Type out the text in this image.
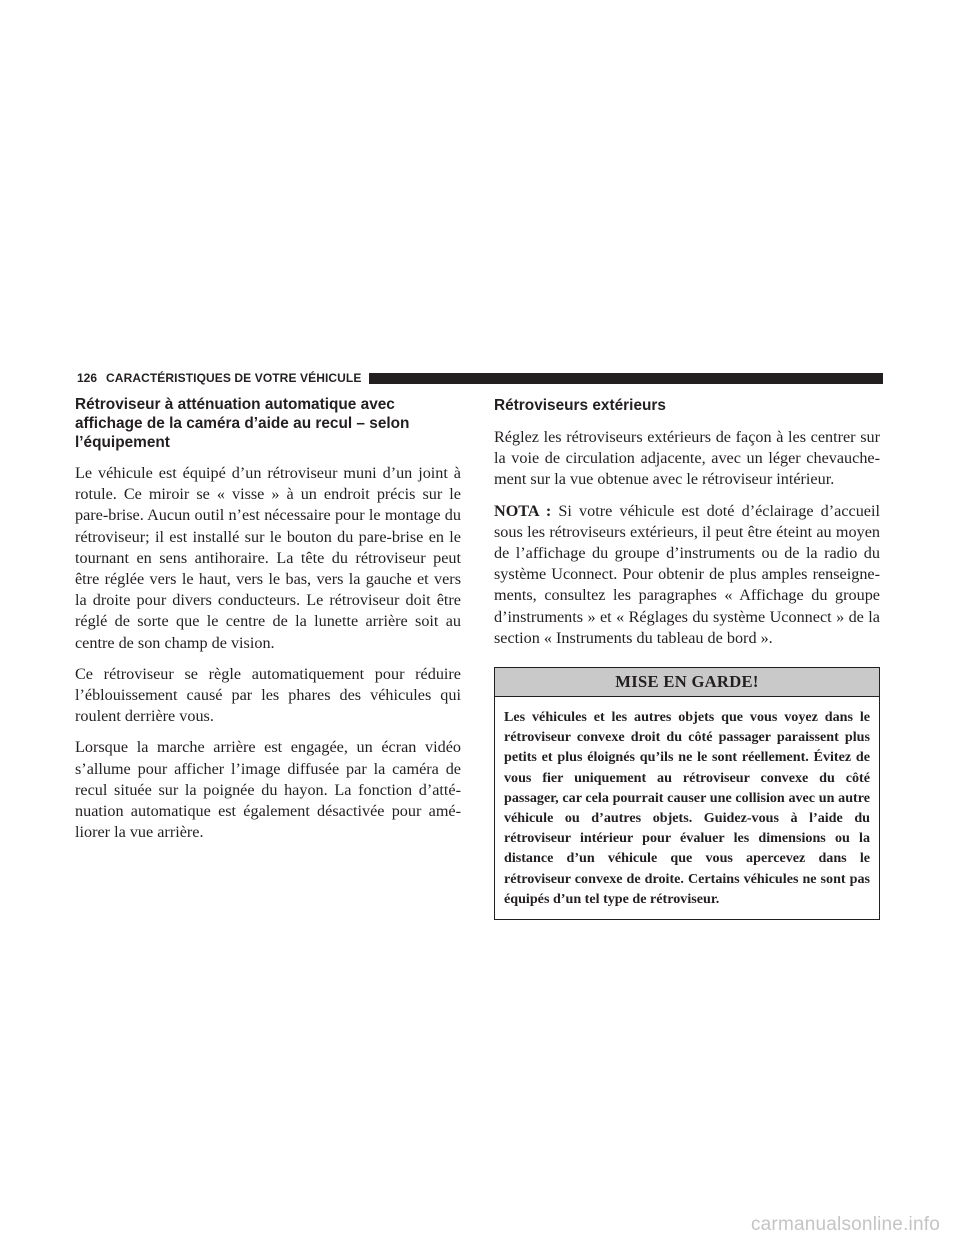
126 CARACTÉRISTIQUES DE VOTRE VÉHICULE
Rétroviseur à atténuation automatique avec affichage de la caméra d’aide au recul – selon l’équipement

Le véhicule est équipé d’un rétroviseur muni d’un joint à rotule. Ce miroir se « visse » à un endroit précis sur le pare-brise. Aucun outil n’est nécessaire pour le montage du rétroviseur; il est installé sur le bouton du pare-brise en le tournant en sens antihoraire. La tête du rétroviseur peut être réglée vers le haut, vers le bas, vers la gauche et vers la droite pour divers conducteurs. Le rétroviseur doit être réglé de sorte que le centre de la lunette arrière soit au centre de son champ de vision.

Ce rétroviseur se règle automatiquement pour réduire l’éblouissement causé par les phares des véhicules qui roulent derrière vous.

Lorsque la marche arrière est engagée, un écran vidéo s’allume pour afficher l’image diffusée par la caméra de recul située sur la poignée du hayon. La fonction d’atténuation automatique est également désactivée pour améliorer la vue arrière.

Rétroviseurs extérieurs

Réglez les rétroviseurs extérieurs de façon à les centrer sur la voie de circulation adjacente, avec un léger chevauchement sur la vue obtenue avec le rétroviseur intérieur.

NOTA : Si votre véhicule est doté d’éclairage d’accueil sous les rétroviseurs extérieurs, il peut être éteint au moyen de l’affichage du groupe d’instruments ou de la radio du système Uconnect. Pour obtenir de plus amples renseignements, consultez les paragraphes « Affichage du groupe d’instruments » et « Réglages du système Uconnect » de la section « Instruments du tableau de bord ».

MISE EN GARDE!
Les véhicules et les autres objets que vous voyez dans le rétroviseur convexe droit du côté passager paraissent plus petits et plus éloignés qu’ils ne le sont réellement. Évitez de vous fier uniquement au rétroviseur convexe du côté passager, car cela pourrait causer une collision avec un autre véhicule ou d’autres objets. Guidez-vous à l’aide du rétroviseur intérieur pour évaluer les dimensions ou la distance d’un véhicule que vous apercevez dans le rétroviseur convexe de droite. Certains véhicules ne sont pas équipés d’un tel type de rétroviseur.
carmanualsonline.info
